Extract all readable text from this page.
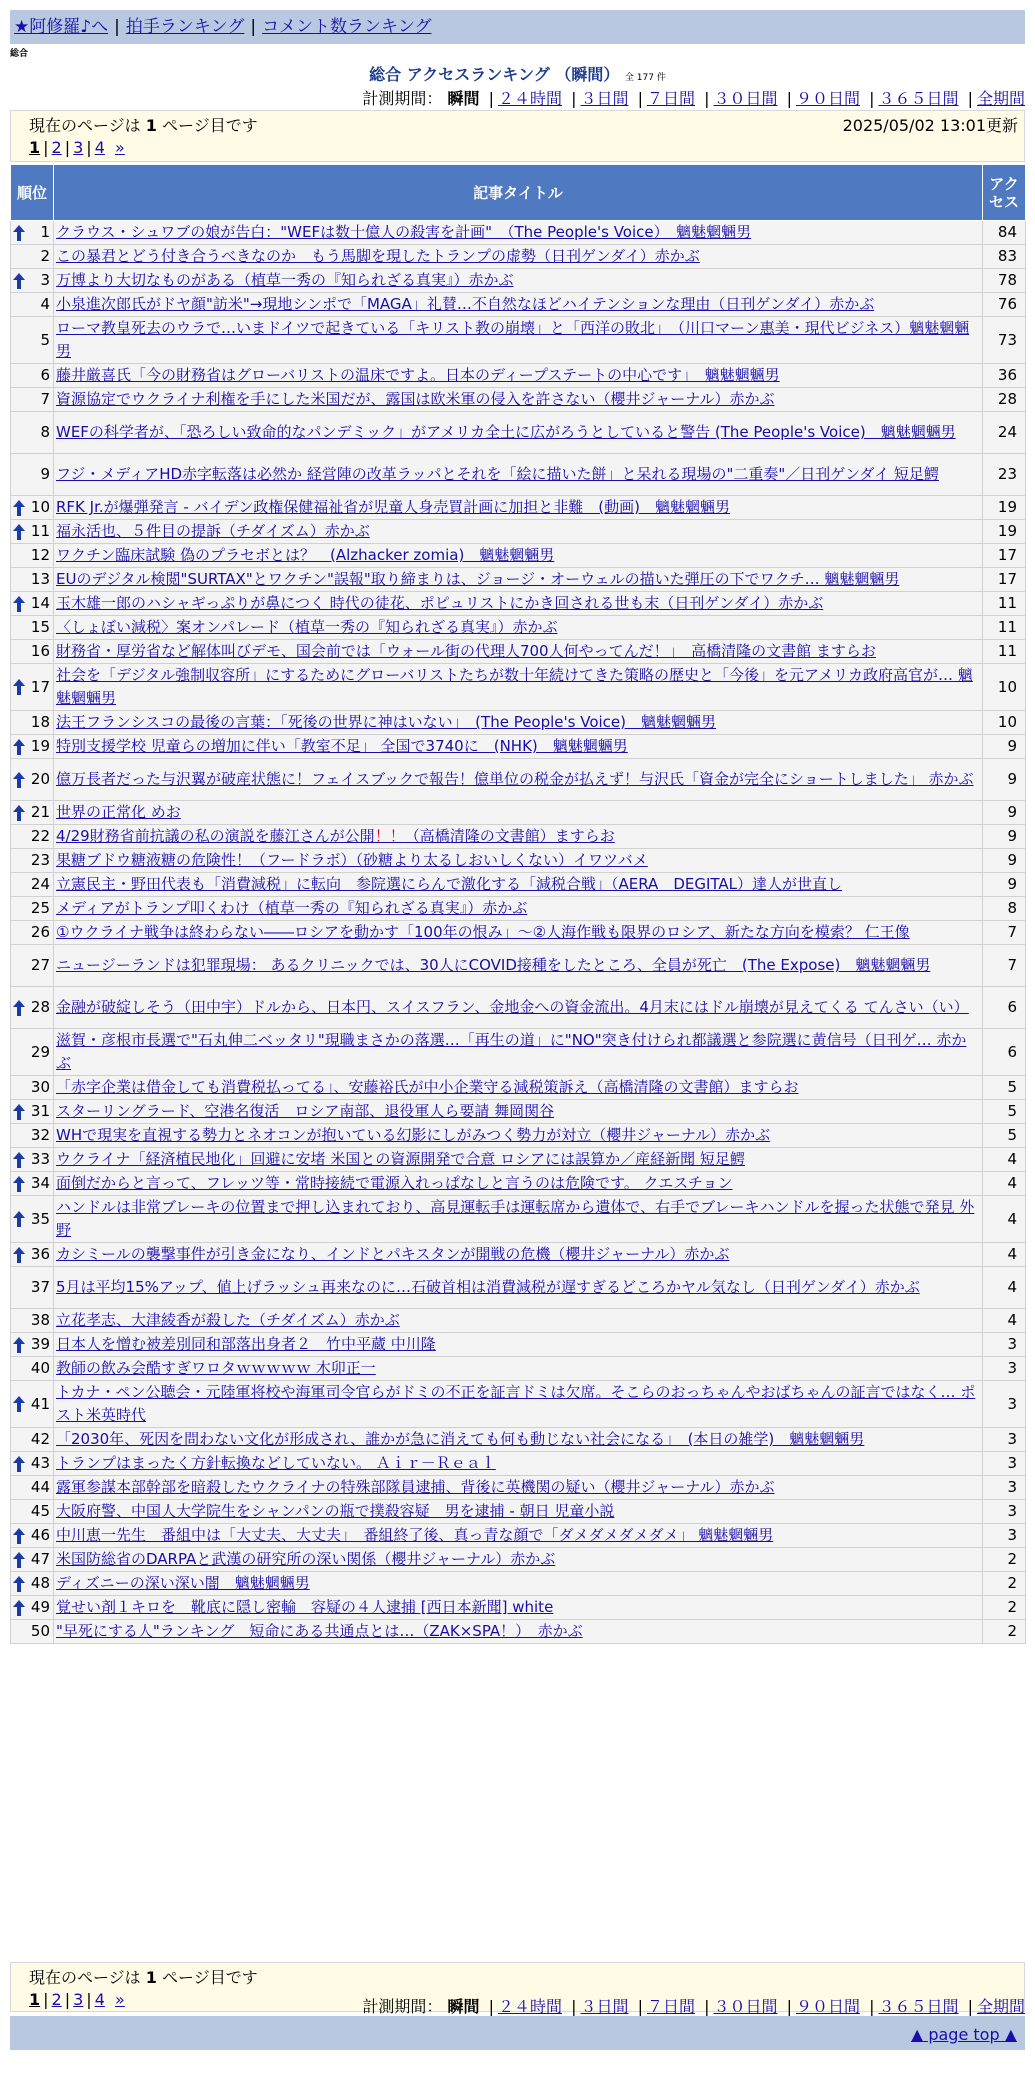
★阿修羅♪へ | 拍手ランキング | コメント数ランキング
総合
総合 アクセスランキング （瞬間） 全 177 件
計測期間： 瞬間 | ２４時間 | ３日間 | ７日間 | ３０日間 | ９０日間 | ３６５日間 | 全期間
現在のページは 1 ページ目です	2025/05/02 13:01更新
1 | 2 | 3 | 4 »
順位	記事タイトル	アクセス

1	クラウス・シュワブの娘が告白："WEFは数十億人の殺害を計画"　（The People's Voice）　魑魅魍魎男	84
2	この暴君とどう付き合うべきなのか　もう馬脚を現したトランプの虚勢（日刊ゲンダイ）赤かぶ	83

3	万博より大切なものがある（植草一秀の『知られざる真実』）赤かぶ	78
4	小泉進次郎氏がドヤ顔"訪米"→現地シンポで「MAGA」礼賛…不自然なほどハイテンションな理由（日刊ゲンダイ）赤かぶ	76
5	ローマ教皇死去のウラで…いまドイツで起きている「キリスト教の崩壊」と「西洋の敗北」　（川口マーン惠美・現代ビジネス）魑魅魍魎男	73
6	藤井厳喜氏「今の財務省はグローバリストの温床ですよ。日本のディープステートの中心です」　魑魅魍魎男	36
7	資源協定でウクライナ利権を手にした米国だが、露国は欧米軍の侵入を許さない（櫻井ジャーナル）赤かぶ	28
8	WEFの科学者が、「恐ろしい致命的なパンデミック」がアメリカ全土に広がろうとしていると警告 (The People's Voice)　魑魅魍魎男	24
9	フジ・メディアHD赤字転落は必然か 経営陣の改革ラッパとそれを「絵に描いた餅」と呆れる現場の"二重奏"／日刊ゲンダイ 短足鰐	23

10	RFK Jr.が爆弾発言 - バイデン政権保健福祉省が児童人身売買計画に加担と非難　(動画)　魑魅魍魎男	19

11	福永活也、５件目の提訴（チダイズム）赤かぶ	19
12	ワクチン臨床試験 偽のプラセボとは？　(Alzhacker zomia)　魑魅魍魎男	17
13	EUのデジタル検閲"SURTAX"とワクチン"誤報"取り締まりは、ジョージ・オーウェルの描いた弾圧の下でワクチ… 魑魅魍魎男	17

14	玉木雄一郎のハシャギっぷりが鼻につく 時代の徒花、ポピュリストにかき回される世も末（日刊ゲンダイ）赤かぶ	11
15	〈しょぼい減税〉案オンパレード（植草一秀の『知られざる真実』）赤かぶ	11
16	財務省・厚労省など解体叫びデモ、国会前では「ウォール街の代理人700人何やってんだ！」　高橋清隆の文書館 ますらお	11

17	社会を「デジタル強制収容所」にするためにグローバリストたちが数十年続けてきた策略の歴史と「今後」を元アメリカ政府高官が… 魑魅魍魎男	10
18	法王フランシスコの最後の言葉：「死後の世界に神はいない」　(The People's Voice)　魑魅魍魎男	10

19	特別支援学校 児童らの増加に伴い「教室不足」 全国で3740に　(NHK)　魑魅魍魎男	9

20	億万長者だった与沢翼が破産状態に！フェイスブックで報告！億単位の税金が払えず！与沢氏「資金が完全にショートしました」 赤かぶ	9

21	世界の正常化 めお	9
22	4/29財務省前抗議の私の演説を藤江さんが公開！！（高橋清隆の文書館）ますらお	9
23	果糖ブドウ糖液糖の危険性！（フードラボ）（砂糖より太るしおいしくない）イワツバメ	9
24	立憲民主・野田代表も「消費減税」に転向　参院選にらんで激化する「減税合戦」（AERA　DEGITAL）達人が世直し	9
25	メディアがトランプ叩くわけ（植草一秀の『知られざる真実』）赤かぶ	8
26	①ウクライナ戦争は終わらない――ロシアを動かす「100年の恨み」〜②人海作戦も限界のロシア、新たな方向を模索？ 仁王像	7
27	ニュージーランドは犯罪現場： あるクリニックでは、30人にCOVID接種をしたところ、全員が死亡　(The Expose)　魑魅魍魎男	7

28	金融が破綻しそう（田中宇）ドルから、日本円、スイスフラン、金地金への資金流出。4月末にはドル崩壊が見えてくる てんさい（い）	6
29	滋賀・彦根市長選で"石丸伸二ベッタリ"現職まさかの落選…「再生の道」に"NO"突き付けられ都議選と参院選に黄信号（日刊ゲ… 赤かぶ	6
30	「赤字企業は借金しても消費税払ってる」、安藤裕氏が中小企業守る減税策訴え（高橋清隆の文書館）ますらお	5

31	スターリングラード、空港名復活　ロシア南部、退役軍人ら要請 舞岡関谷	5
32	WHで現実を直視する勢力とネオコンが抱いている幻影にしがみつく勢力が対立（櫻井ジャーナル）赤かぶ	5

33	ウクライナ「経済植民地化」回避に安堵 米国との資源開発で合意 ロシアには誤算か／産経新聞 短足鰐	4

34	面倒だからと言って、フレッツ等・常時接続で電源入れっぱなしと言うのは危険です。 クエスチョン	4

35	ハンドルは非常ブレーキの位置まで押し込まれており、高見運転手は運転席から遺体で、右手でブレーキハンドルを握った状態で発見 外野	4

36	カシミールの襲撃事件が引き金になり、インドとパキスタンが開戦の危機（櫻井ジャーナル）赤かぶ	4
37	5月は平均15%アップ、値上げラッシュ再来なのに…石破首相は消費減税が遅すぎるどころかヤル気なし（日刊ゲンダイ）赤かぶ	4
38	立花孝志、大津綾香が殺した（チダイズム）赤かぶ	4

39	日本人を憎む被差別同和部落出身者２　竹中平蔵 中川隆	3
40	教師の飲み会酷すぎワロタｗｗｗｗｗ 木卯正一	3

41	トカナ・ペン公聴会・元陸軍将校や海軍司令官らがドミの不正を証言ドミは欠席。そこらのおっちゃんやおばちゃんの証言ではなく… ポスト米英時代	3
42	「2030年、死因を問わない文化が形成され、誰かが急に消えても何も動じない社会になる」　(本日の雑学)　魑魅魍魎男	3

43	トランプはまったく方針転換などしていない。 Ａｉｒ－Ｒｅａｌ	3
44	露軍参謀本部幹部を暗殺したウクライナの特殊部隊員逮捕、背後に英機関の疑い（櫻井ジャーナル）赤かぶ	3
45	大阪府警、中国人大学院生をシャンパンの瓶で撲殺容疑　男を逮捕 - 朝日 児童小説	3

46	中川恵一先生　番組中は「大丈夫、大丈夫」　番組終了後、真っ青な顔で「ダメダメダメダメ」 魑魅魍魎男	3

47	米国防総省のDARPAと武漢の研究所の深い関係（櫻井ジャーナル）赤かぶ	2

48	ディズニーの深い深い闇　魑魅魍魎男	2

49	覚せい剤１キロを　靴底に隠し密輸　容疑の４人逮捕 [西日本新聞] white	2
50	"早死にする人"ランキング　短命にある共通点とは…（ZAK×SPA！）　赤かぶ	2
現在のページは 1 ページ目です
1 | 2 | 3 | 4 »	計測期間： 瞬間 | ２４時間 | ３日間 | ７日間 | ３０日間 | ９０日間 | ３６５日間 | 全期間
▲ page top ▲
